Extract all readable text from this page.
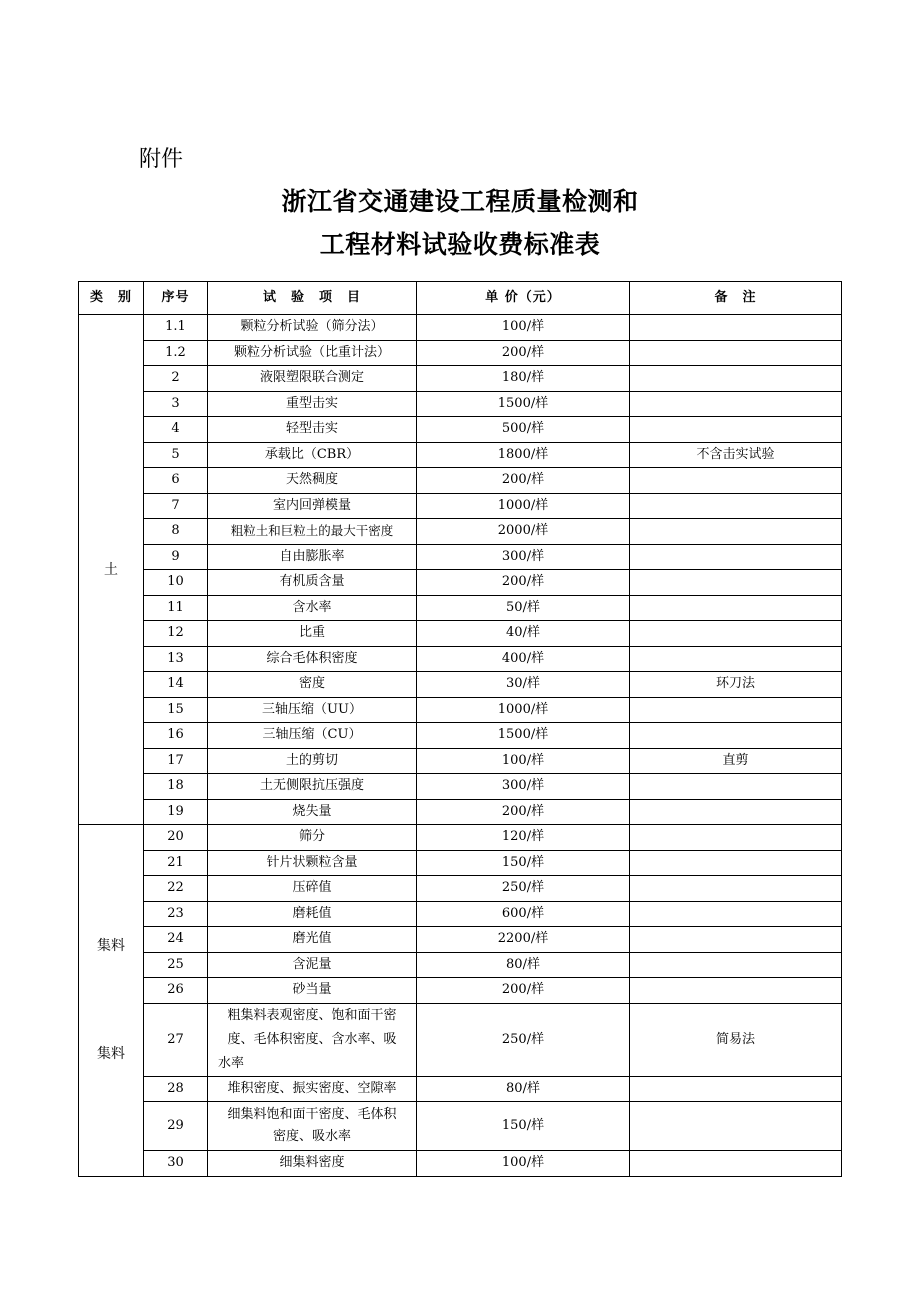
附件
浙江省交通建设工程质量检测和
工程材料试验收费标准表
类　别	序号	试　验　项　目	单 价（元）	备　注
土	1.1	颗粒分析试验（筛分法）	100/样	
	1.2	颗粒分析试验（比重计法）	200/样	
	2	液限塑限联合测定	180/样	
	3	重型击实	1500/样	
	4	轻型击实	500/样	
	5	承载比（CBR）	1800/样	不含击实试验
	6	天然稠度	200/样	
	7	室内回弹模量	1000/样	
	8	粗粒土和巨粒土的最大干密度	2000/样	
	9	自由膨胀率	300/样	
	10	有机质含量	200/样	
	11	含水率	50/样	
	12	比重	40/样	
	13	综合毛体积密度	400/样	
	14	密度	30/样	环刀法
	15	三轴压缩（UU）	1000/样	
	16	三轴压缩（CU）	1500/样	
	17	土的剪切	100/样	直剪
	18	土无侧限抗压强度	300/样	
	19	烧失量	200/样	
集料

集料	20	筛分	120/样	
	21	针片状颗粒含量	150/样	
	22	压碎值	250/样	
	23	磨耗值	600/样	
	24	磨光值	2200/样	
	25	含泥量	80/样	
	26	砂当量	200/样	
	27	粗集料表观密度、饱和面干密
度、毛体积密度、含水率、吸
水率	250/样	简易法
	28	堆积密度、振实密度、空隙率	80/样	
	29	细集料饱和面干密度、毛体积
密度、吸水率	150/样	
	30	细集料密度	100/样	
